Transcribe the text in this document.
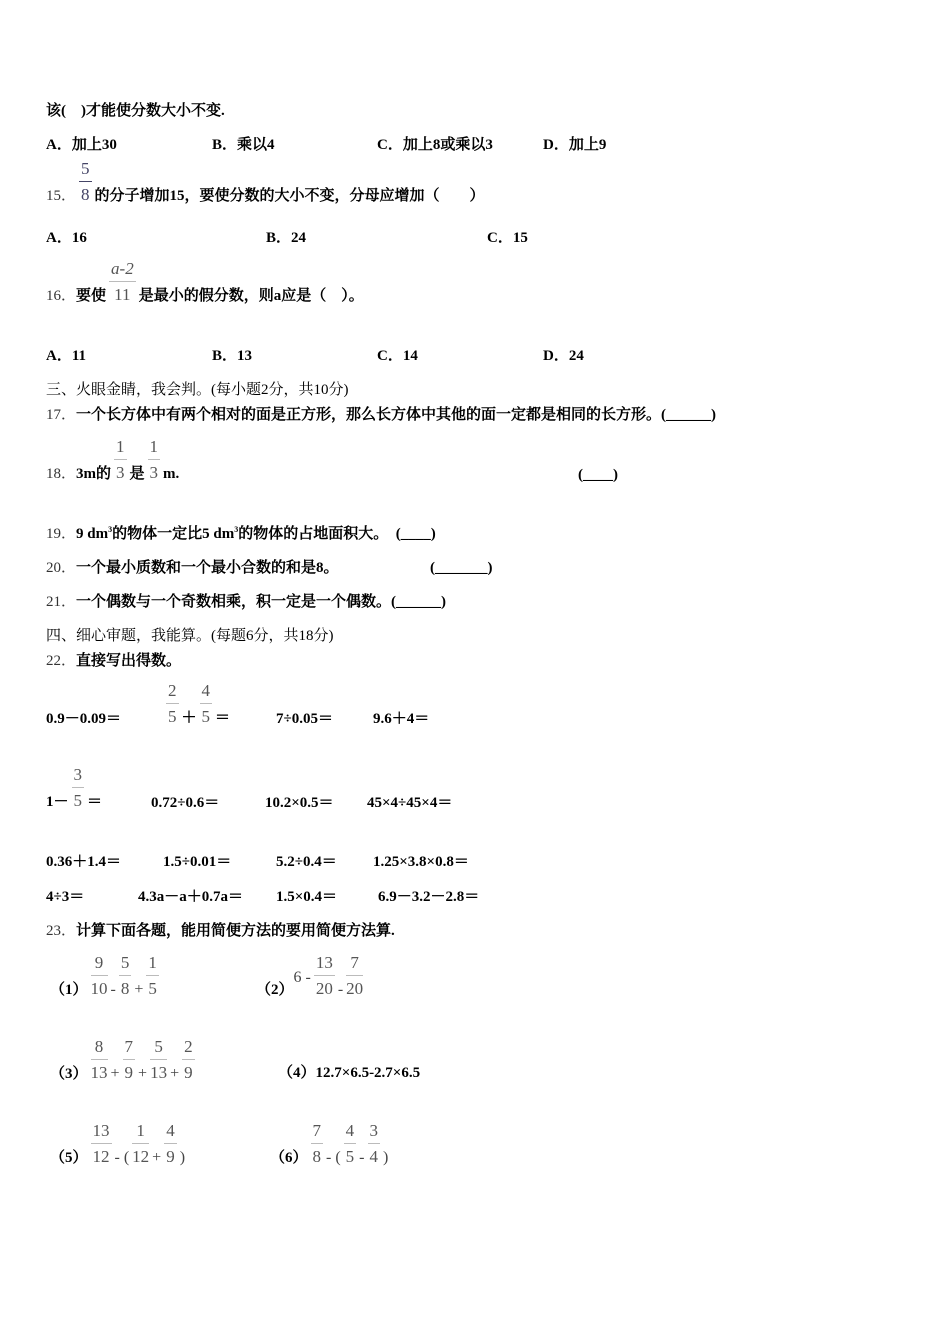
该(　)才能使分数大小不变.
A．加上30	B．乘以4	C．加上8或乘以3	D．加上9
15． $\frac{5}{8}$ 的分子增加15，要使分数的大小不变，分母应增加（　　）
A．16	B．24	C．15
16．要使 $\frac{a-2}{11}$ 是最小的假分数，则a应是（　）。
A．11	B．13	C．14	D．24
三、火眼金睛，我会判。(每小题2分，共10分)
17．一个长方体中有两个相对的面是正方形，那么长方体中其他的面一定都是相同的长方形。(______)
18．3m的 $\frac{1}{3}$ 是 $\frac{1}{3} m$.	(____)
19．9 $dm^3$的物体一定比5 $dm^3$的物体的占地面积大。　 (____)
20．一个最小质数和一个最小合数的和是8。	(_______)
21．一个偶数与一个奇数相乘，积一定是一个偶数。(______)
四、细心审题，我能算。(每题6分，共18分)
22．直接写出得数。
0.9－0.09＝	$\frac{2}{5} + \frac{4}{5}$ ＝	7÷0.05＝	9.6＋4＝
$1- \frac{3}{5}$ ＝	0.72÷0.6＝	10.2×0.5＝ 45×4÷45×4＝
0.36＋1.4＝	1.5÷0.01＝	5.2÷0.4＝ 1.25×3.8×0.8＝
4÷3＝	4.3a－a＋0.7a＝ 1.5×0.4＝	6.9－3.2－2.8＝
23．计算下面各题，能用简便方法的要用简便方法算.
$(1) \frac{9}{10} - \frac{5}{8} + \frac{1}{5}$	$(2)6 - \frac{13}{20} - \frac{7}{20}$
$(3) \frac{8}{13} + \frac{7}{9} + \frac{5}{13} + \frac{2}{9}$	（4）12.7×6.5-2.7×6.5
$(5) \frac{13}{12}$ - ( $\frac{1}{12} + \frac{4}{9}$ )	$(6) \frac{7}{8}$ - ( $\frac{4}{5} - \frac{3}{4}$ )
